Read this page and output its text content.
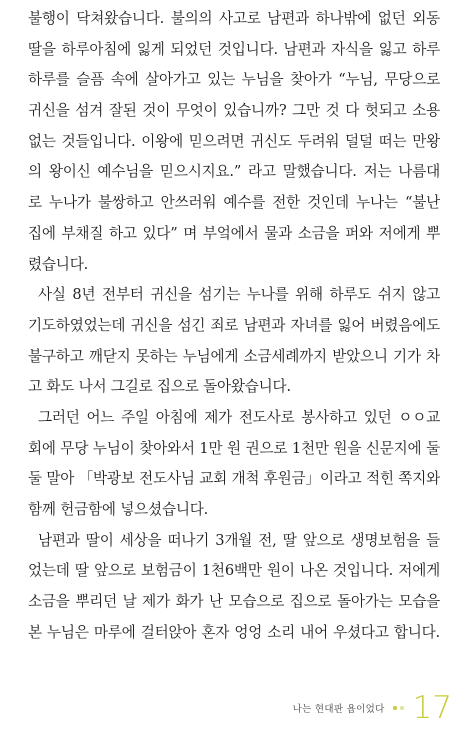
불행이 닥쳐왔습니다. 불의의 사고로 남편과 하나밖에 없던 외동
딸을 하루아침에 잃게 되었던 것입니다. 남편과 자식을 잃고 하루
하루를 슬픔 속에 살아가고 있는 누님을 찾아가 “누님, 무당으로
귀신을 섬겨 잘된 것이 무엇이 있습니까? 그만 것 다 헛되고 소용
없는 것들입니다. 이왕에 믿으려면 귀신도 두려워 덜덜 떠는 만왕
의 왕이신 예수님을 믿으시지요.” 라고 말했습니다. 저는 나름대
로 누나가 불쌍하고 안쓰러워 예수를 전한 것인데 누나는 “불난
집에 부채질 하고 있다” 며 부엌에서 물과 소금을 퍼와 저에게 뿌
렸습니다.
사실 8년 전부터 귀신을 섬기는 누나를 위해 하루도 쉬지 않고
기도하였었는데 귀신을 섬긴 죄로 남편과 자녀를 잃어 버렸음에도
불구하고 깨닫지 못하는 누님에게 소금세례까지 받았으니 기가 차
고 화도 나서 그길로 집으로 돌아왔습니다.
그러던 어느 주일 아침에 제가 전도사로 봉사하고 있던 ㅇㅇ교
회에 무당 누님이 찾아와서 1만 원 권으로 1천만 원을 신문지에 둘
둘 말아 「박광보 전도사님 교회 개척 후원금」이라고 적힌 쪽지와
함께 헌금함에 넣으셨습니다.
남편과 딸이 세상을 떠나기 3개월 전, 딸 앞으로 생명보험을 들
었는데 딸 앞으로 보험금이 1천6백만 원이 나온 것입니다. 저에게
소금을 뿌리던 날 제가 화가 난 모습으로 집으로 돌아가는 모습을
본 누님은 마루에 걸터앉아 혼자 엉엉 소리 내어 우셨다고 합니다.
나는 현대판 욥이었다 17
